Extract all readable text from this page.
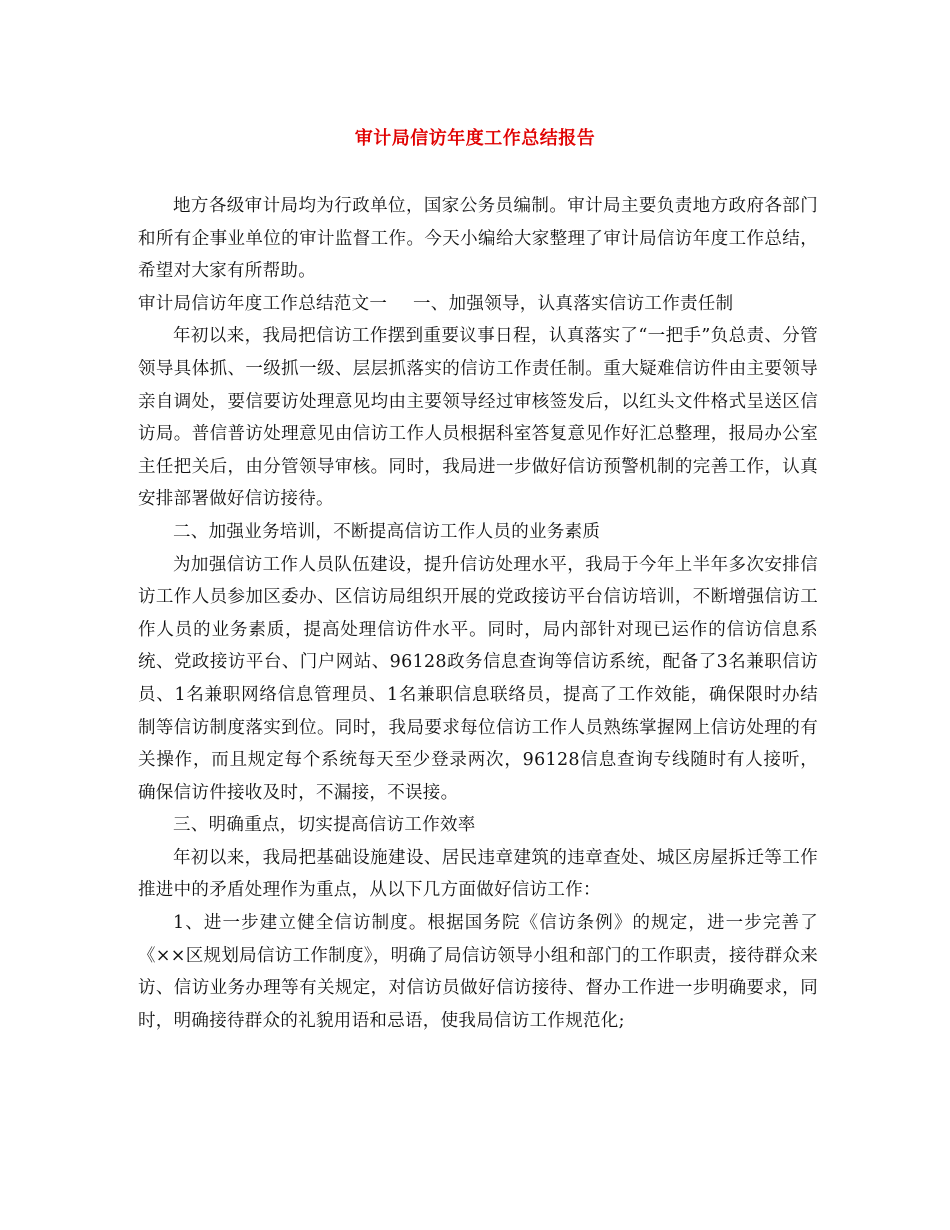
审计局信访年度工作总结报告

地方各级审计局均为行政单位，国家公务员编制。审计局主要负责地方政府各部门和所有企事业单位的审计监督工作。今天小编给大家整理了审计局信访年度工作总结，希望对大家有所帮助。

审计局信访年度工作总结范文一	一、加强领导，认真落实信访工作责任制

年初以来，我局把信访工作摆到重要议事日程，认真落实了“一把手”负总责、分管领导具体抓、一级抓一级、层层抓落实的信访工作责任制。重大疑难信访件由主要领导亲自调处，要信要访处理意见均由主要领导经过审核签发后，以红头文件格式呈送区信访局。普信普访处理意见由信访工作人员根据科室答复意见作好汇总整理，报局办公室主任把关后，由分管领导审核。同时，我局进一步做好信访预警机制的完善工作，认真安排部署做好信访接待。

二、加强业务培训，不断提高信访工作人员的业务素质

为加强信访工作人员队伍建设，提升信访处理水平，我局于今年上半年多次安排信访工作人员参加区委办、区信访局组织开展的党政接访平台信访培训，不断增强信访工作人员的业务素质，提高处理信访件水平。同时，局内部针对现已运作的信访信息系统、党政接访平台、门户网站、96128政务信息查询等信访系统，配备了3名兼职信访员、1名兼职网络信息管理员、1名兼职信息联络员，提高了工作效能，确保限时办结制等信访制度落实到位。同时，我局要求每位信访工作人员熟练掌握网上信访处理的有关操作，而且规定每个系统每天至少登录两次，96128信息查询专线随时有人接听，确保信访件接收及时，不漏接，不误接。

三、明确重点，切实提高信访工作效率

年初以来，我局把基础设施建设、居民违章建筑的违章查处、城区房屋拆迁等工作推进中的矛盾处理作为重点，从以下几方面做好信访工作：

1、进一步建立健全信访制度。根据国务院《信访条例》的规定，进一步完善了《××区规划局信访工作制度》，明确了局信访领导小组和部门的工作职责，接待群众来访、信访业务办理等有关规定，对信访员做好信访接待、督办工作进一步明确要求，同时，明确接待群众的礼貌用语和忌语，使我局信访工作规范化;
